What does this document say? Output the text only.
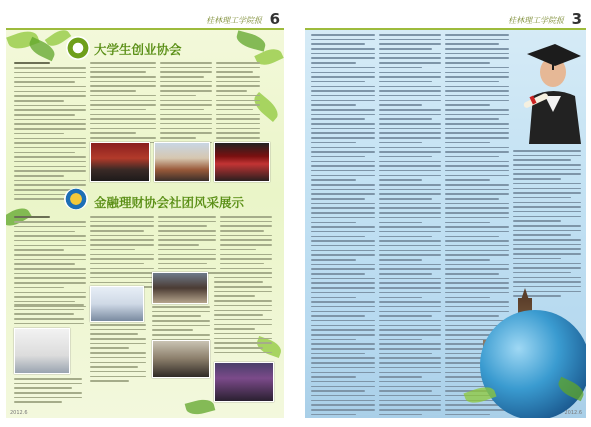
桂林理工学院报 6
大学生创业协会
金融理财协会社团风采展示
2012.6
桂林理工学院报 3
2012.6
